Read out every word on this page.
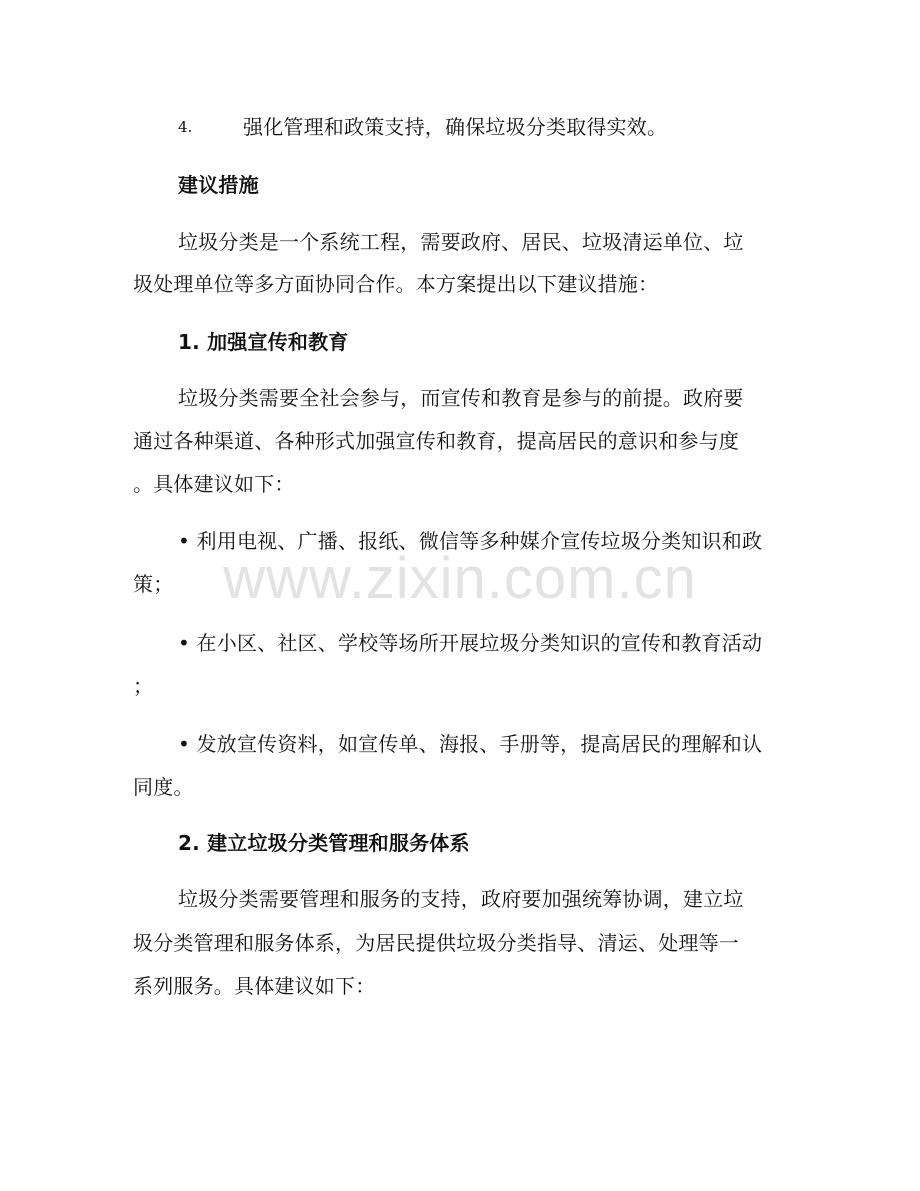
4.	强化管理和政策支持，确保垃圾分类取得实效。
建议措施
垃圾分类是一个系统工程，需要政府、居民、垃圾清运单位、垃
圾处理单位等多方面协同合作。本方案提出以下建议措施：
1. 加强宣传和教育
垃圾分类需要全社会参与，而宣传和教育是参与的前提。政府要
通过各种渠道、各种形式加强宣传和教育，提高居民的意识和参与度
。具体建议如下：
• 利用电视、广播、报纸、微信等多种媒介宣传垃圾分类知识和政
策；
• 在小区、社区、学校等场所开展垃圾分类知识的宣传和教育活动
；
• 发放宣传资料，如宣传单、海报、手册等，提高居民的理解和认
同度。
2. 建立垃圾分类管理和服务体系
垃圾分类需要管理和服务的支持，政府要加强统筹协调，建立垃
圾分类管理和服务体系，为居民提供垃圾分类指导、清运、处理等一
系列服务。具体建议如下：
www.zixin.com.cn
